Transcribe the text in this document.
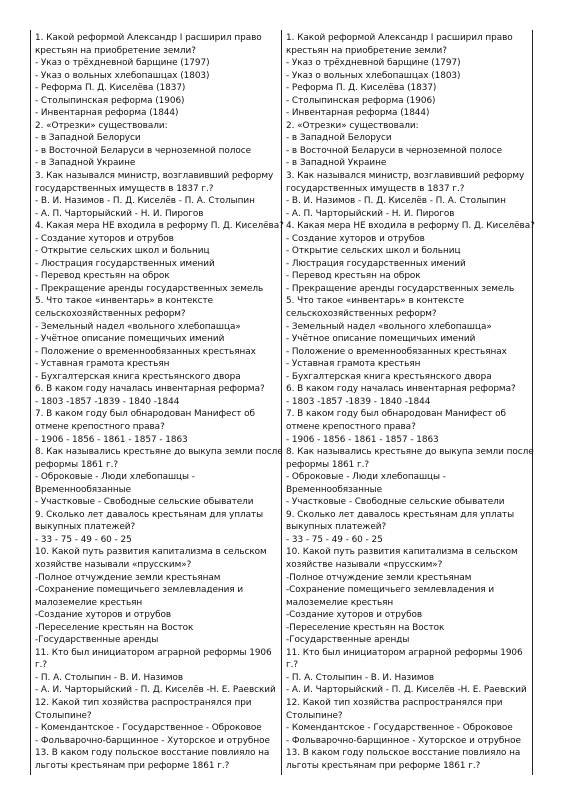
1. Какой реформой Александр I расширил право
крестьян на приобретение земли?
- Указ о трёхдневной барщине (1797)
- Указ о вольных хлебопашцах (1803)
- Реформа П. Д. Киселёва (1837)
- Столыпинская реформа (1906)
- Инвентарная реформа (1844)
2. «Отрезки» существовали:
- в Западной Белоруси
- в Восточной Беларуси в черноземной полосе
- в Западной Украине
3. Как назывался министр, возглавивший реформу
государственных имуществ в 1837 г.?
- В. И. Назимов - П. Д. Киселёв - П. А. Столыпин
- А. П. Чарторыйский - Н. И. Пирогов
4. Какая мера НЕ входила в реформу П. Д. Киселёва?
- Создание хуторов и отрубов
- Открытие сельских школ и больниц
- Люстрация государственных имений
- Перевод крестьян на оброк
- Прекращение аренды государственных земель
5. Что такое «инвентарь» в контексте
сельскохозяйственных реформ?
- Земельный надел «вольного хлебопашца»
- Учётное описание помещичьих имений
- Положение о временнообязанных крестьянах
- Уставная грамота крестьян
- Бухгалтерская книга крестьянского двора
6. В каком году началась инвентарная реформа?
- 1803 -1857 -1839 - 1840 -1844
7. В каком году был обнародован Манифест об
отмене крепостного права?
- 1906 - 1856 - 1861 - 1857 - 1863
8. Как назывались крестьяне до выкупа земли после
реформы 1861 г.?
- Оброковые - Люди хлебопашцы -
Временнообязанные
- Участковые - Свободные сельские обыватели
9. Сколько лет давалось крестьянам для уплаты
выкупных платежей?
- 33 - 75 - 49 - 60 - 25
10. Какой путь развития капитализма в сельском
хозяйстве называли «прусским»?
-Полное отчуждение земли крестьянам
-Сохранение помещичьего землевладения и
малоземелие крестьян
-Создание хуторов и отрубов
-Переселение крестьян на Восток
-Государственные аренды
11. Кто был инициатором аграрной реформы 1906
г.?
- П. А. Столыпин - В. И. Назимов
- А. И. Чарторыйский - П. Д. Киселёв -Н. Е. Раевский
12. Какой тип хозяйства распространялся при
Столыпине?
- Комендантское - Государственное - Оброковое
- Фольварочно-барщинное - Хуторское и отрубное
13. В каком году польское восстание повлияло на
льготы крестьянам при реформе 1861 г.?
1. Какой реформой Александр I расширил право
крестьян на приобретение земли?
- Указ о трёхдневной барщине (1797)
- Указ о вольных хлебопашцах (1803)
- Реформа П. Д. Киселёва (1837)
- Столыпинская реформа (1906)
- Инвентарная реформа (1844)
2. «Отрезки» существовали:
- в Западной Белоруси
- в Восточной Беларуси в черноземной полосе
- в Западной Украине
3. Как назывался министр, возглавивший реформу
государственных имуществ в 1837 г.?
- В. И. Назимов - П. Д. Киселёв - П. А. Столыпин
- А. П. Чарторыйский - Н. И. Пирогов
4. Какая мера НЕ входила в реформу П. Д. Киселёва?
- Создание хуторов и отрубов
- Открытие сельских школ и больниц
- Люстрация государственных имений
- Перевод крестьян на оброк
- Прекращение аренды государственных земель
5. Что такое «инвентарь» в контексте
сельскохозяйственных реформ?
- Земельный надел «вольного хлебопашца»
- Учётное описание помещичьих имений
- Положение о временнообязанных крестьянах
- Уставная грамота крестьян
- Бухгалтерская книга крестьянского двора
6. В каком году началась инвентарная реформа?
- 1803 -1857 -1839 - 1840 -1844
7. В каком году был обнародован Манифест об
отмене крепостного права?
- 1906 - 1856 - 1861 - 1857 - 1863
8. Как назывались крестьяне до выкупа земли после
реформы 1861 г.?
- Оброковые - Люди хлебопашцы -
Временнообязанные
- Участковые - Свободные сельские обыватели
9. Сколько лет давалось крестьянам для уплаты
выкупных платежей?
- 33 - 75 - 49 - 60 - 25
10. Какой путь развития капитализма в сельском
хозяйстве называли «прусским»?
-Полное отчуждение земли крестьянам
-Сохранение помещичьего землевладения и
малоземелие крестьян
-Создание хуторов и отрубов
-Переселение крестьян на Восток
-Государственные аренды
11. Кто был инициатором аграрной реформы 1906
г.?
- П. А. Столыпин - В. И. Назимов
- А. И. Чарторыйский - П. Д. Киселёв -Н. Е. Раевский
12. Какой тип хозяйства распространялся при
Столыпине?
- Комендантское - Государственное - Оброковое
- Фольварочно-барщинное - Хуторское и отрубное
13. В каком году польское восстание повлияло на
льготы крестьянам при реформе 1861 г.?
